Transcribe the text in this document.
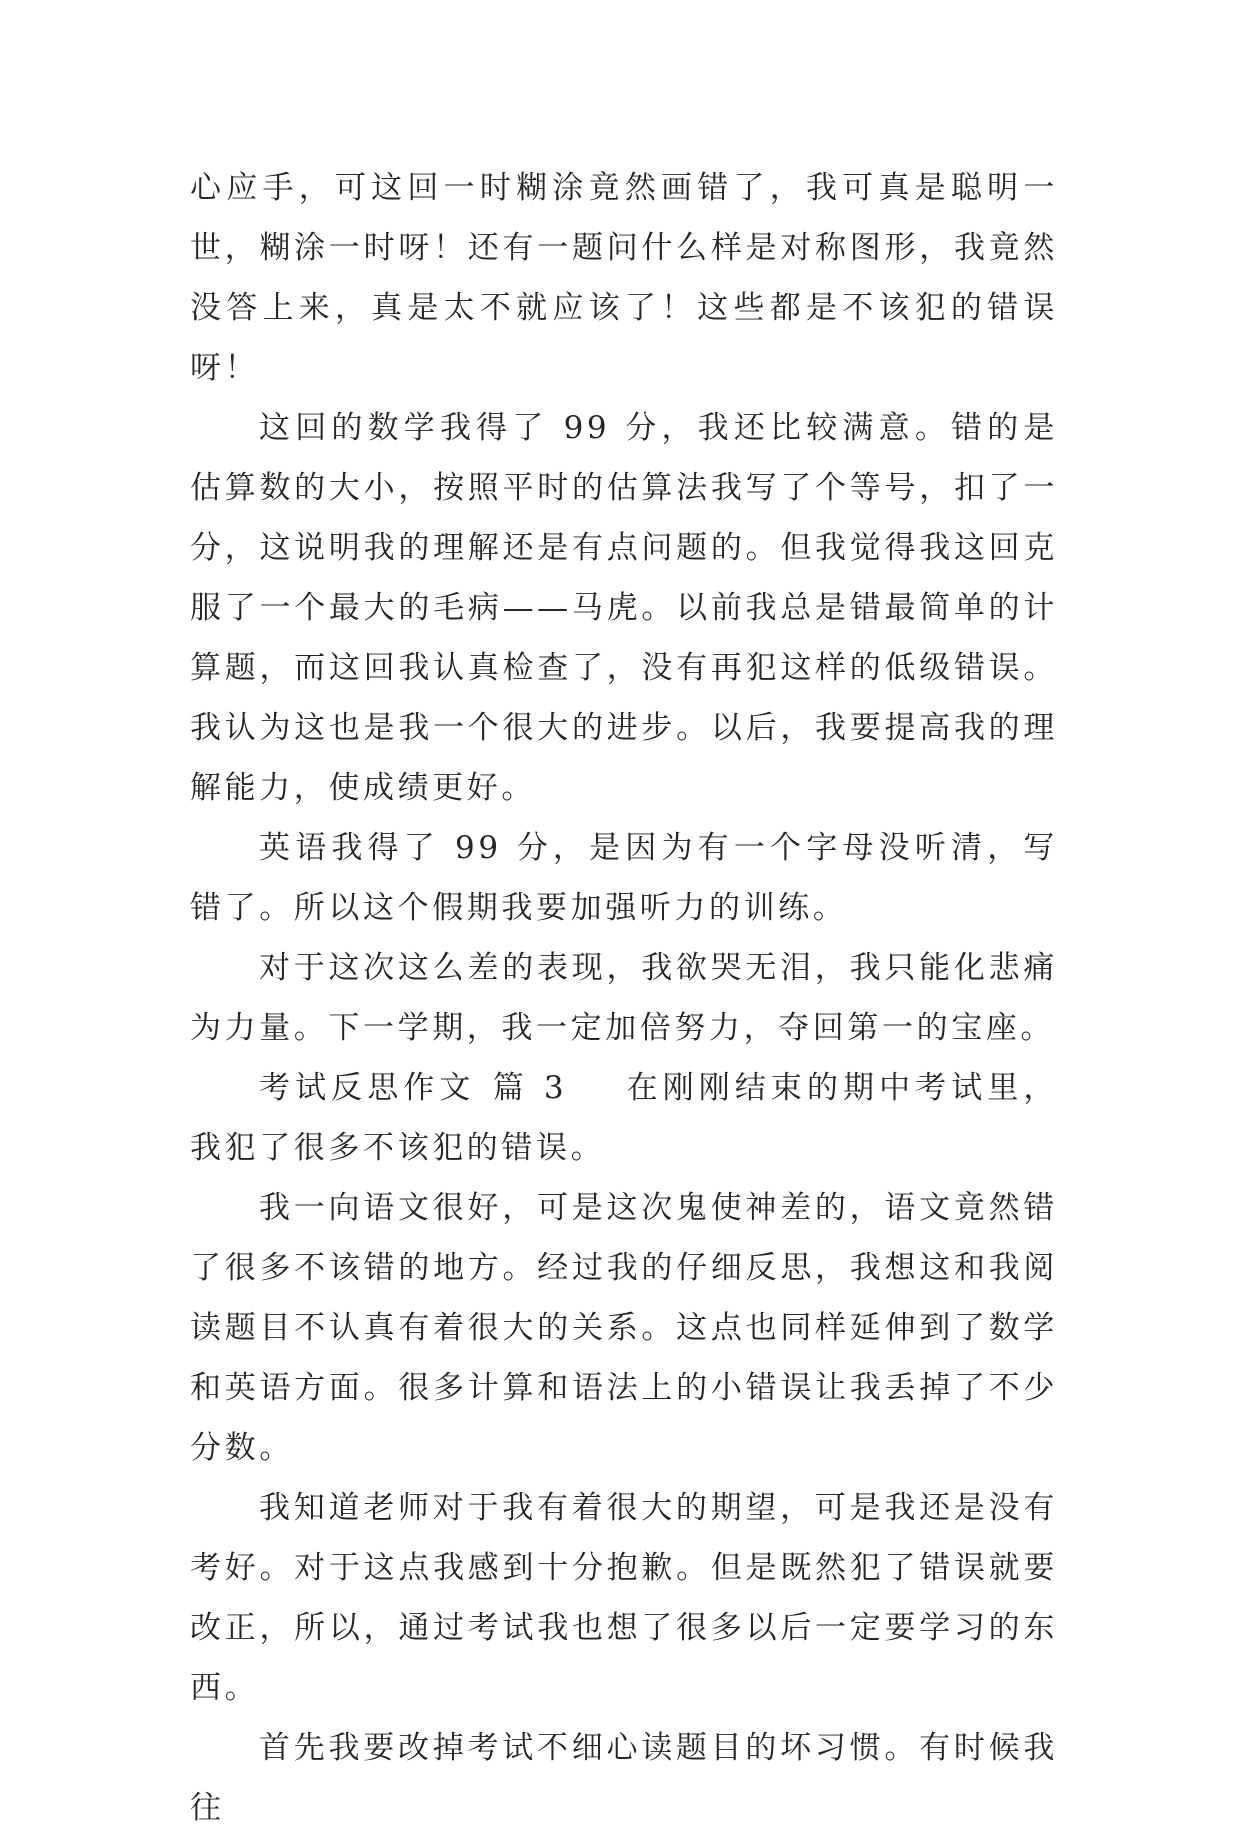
心应手，可这回一时糊涂竟然画错了，我可真是聪明一世，糊涂一时呀！还有一题问什么样是对称图形，我竟然没答上来，真是太不就应该了！这些都是不该犯的错误呀！

这回的数学我得了 99 分，我还比较满意。错的是估算数的大小，按照平时的估算法我写了个等号，扣了一分，这说明我的理解还是有点问题的。但我觉得我这回克服了一个最大的毛病——马虎。以前我总是错最简单的计算题，而这回我认真检查了，没有再犯这样的低级错误。我认为这也是我一个很大的进步。以后，我要提高我的理解能力，使成绩更好。

英语我得了 99 分，是因为有一个字母没听清，写错了。所以这个假期我要加强听力的训练。

对于这次这么差的表现，我欲哭无泪，我只能化悲痛为力量。下一学期，我一定加倍努力，夺回第一的宝座。

考试反思作文 篇 3 在刚刚结束的期中考试里，我犯了很多不该犯的错误。

我一向语文很好，可是这次鬼使神差的，语文竟然错了很多不该错的地方。经过我的仔细反思，我想这和我阅读题目不认真有着很大的关系。这点也同样延伸到了数学和英语方面。很多计算和语法上的小错误让我丢掉了不少分数。

我知道老师对于我有着很大的期望，可是我还是没有考好。对于这点我感到十分抱歉。但是既然犯了错误就要改正，所以，通过考试我也想了很多以后一定要学习的东西。

首先我要改掉考试不细心读题目的坏习惯。有时候我往
